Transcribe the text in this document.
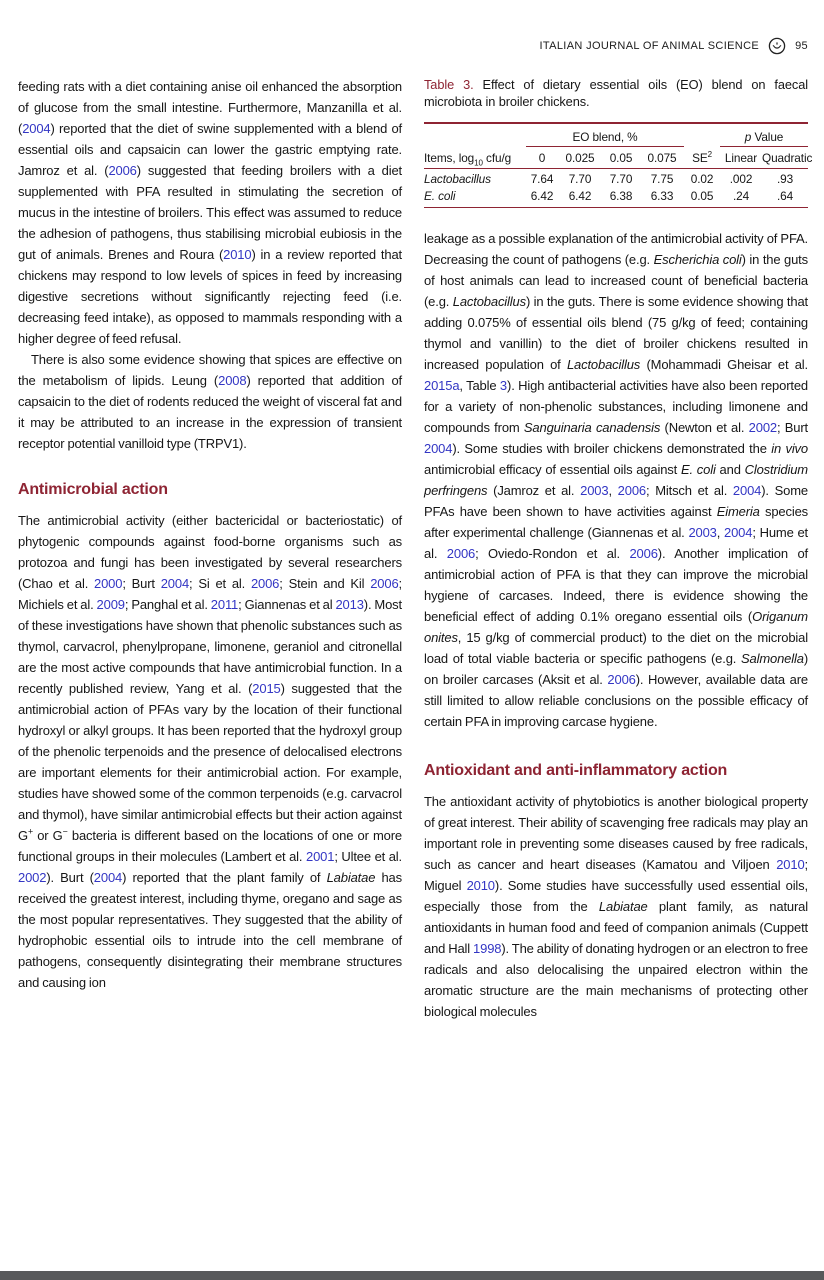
ITALIAN JOURNAL OF ANIMAL SCIENCE	95

feeding rats with a diet containing anise oil enhanced the absorption of glucose from the small intestine. Furthermore, Manzanilla et al. (2004) reported that the diet of swine supplemented with a blend of essential oils and capsaicin can lower the gastric emptying rate. Jamroz et al. (2006) suggested that feeding broilers with a diet supplemented with PFA resulted in stimulating the secretion of mucus in the intestine of broilers. This effect was assumed to reduce the adhesion of pathogens, thus stabilising microbial eubiosis in the gut of animals. Brenes and Roura (2010) in a review reported that chickens may respond to low levels of spices in feed by increasing digestive secretions without significantly rejecting feed (i.e. decreasing feed intake), as opposed to mammals responding with a higher degree of feed refusal.

There is also some evidence showing that spices are effective on the metabolism of lipids. Leung (2008) reported that addition of capsaicin to the diet of rodents reduced the weight of visceral fat and it may be attributed to an increase in the expression of transient receptor potential vanilloid type (TRPV1).

Antimicrobial action

The antimicrobial activity (either bactericidal or bacteriostatic) of phytogenic compounds against food-borne organisms such as protozoa and fungi has been investigated by several researchers (Chao et al. 2000; Burt 2004; Si et al. 2006; Stein and Kil 2006; Michiels et al. 2009; Panghal et al. 2011; Giannenas et al 2013). Most of these investigations have shown that phenolic substances such as thymol, carvacrol, phenylpropane, limonene, geraniol and citronellal are the most active compounds that have antimicrobial function. In a recently published review, Yang et al. (2015) suggested that the antimicrobial action of PFAs vary by the location of their functional hydroxyl or alkyl groups. It has been reported that the hydroxyl group of the phenolic terpenoids and the presence of delocalised electrons are important elements for their antimicrobial action. For example, studies have showed some of the common terpenoids (e.g. carvacrol and thymol), have similar antimicrobial effects but their action against G+ or G− bacteria is different based on the locations of one or more functional groups in their molecules (Lambert et al. 2001; Ultee et al. 2002). Burt (2004) reported that the plant family of Labiatae has received the greatest interest, including thyme, oregano and sage as the most popular representatives. They suggested that the ability of hydrophobic essential oils to intrude into the cell membrane of pathogens, consequently disintegrating their membrane structures and causing ion

Table 3. Effect of dietary essential oils (EO) blend on faecal microbiota in broiler chickens.

	EO blend, %					p Value	
Items, $\log_{10} cfu/g$	0	0.025	0.05	0.075	$SE^2$	Linear	Quadratic
Lactobacillus	7.64	7.70	7.70	7.75	0.02	.002	.93
E. coli	6.42	6.42	6.38	6.33	0.05	.24	.64

leakage as a possible explanation of the antimicrobial activity of PFA. Decreasing the count of pathogens (e.g. Escherichia coli) in the guts of host animals can lead to increased count of beneficial bacteria (e.g. Lactobacillus) in the guts. There is some evidence showing that adding 0.075% of essential oils blend (75 g/kg of feed; containing thymol and vanillin) to the diet of broiler chickens resulted in increased population of Lactobacillus (Mohammadi Gheisar et al. 2015a, Table 3). High antibacterial activities have also been reported for a variety of non-phenolic substances, including limonene and compounds from Sanguinaria canadensis (Newton et al. 2002; Burt 2004). Some studies with broiler chickens demonstrated the in vivo antimicrobial efficacy of essential oils against E. coli and Clostridium perfringens (Jamroz et al. 2003, 2006; Mitsch et al. 2004). Some PFAs have been shown to have activities against Eimeria species after experimental challenge (Giannenas et al. 2003, 2004; Hume et al. 2006; Oviedo-Rondon et al. 2006). Another implication of antimicrobial action of PFA is that they can improve the microbial hygiene of carcases. Indeed, there is evidence showing the beneficial effect of adding 0.1% oregano essential oils (Origanum onites, 15 g/kg of commercial product) to the diet on the microbial load of total viable bacteria or specific pathogens (e.g. Salmonella) on broiler carcases (Aksit et al. 2006). However, available data are still limited to allow reliable conclusions on the possible efficacy of certain PFA in improving carcase hygiene.

Antioxidant and anti-inflammatory action

The antioxidant activity of phytobiotics is another biological property of great interest. Their ability of scavenging free radicals may play an important role in preventing some diseases caused by free radicals, such as cancer and heart diseases (Kamatou and Viljoen 2010; Miguel 2010). Some studies have successfully used essential oils, especially those from the Labiatae plant family, as natural antioxidants in human food and feed of companion animals (Cuppett and Hall 1998). The ability of donating hydrogen or an electron to free radicals and also delocalising the unpaired electron within the aromatic structure are the main mechanisms of protecting other biological molecules
